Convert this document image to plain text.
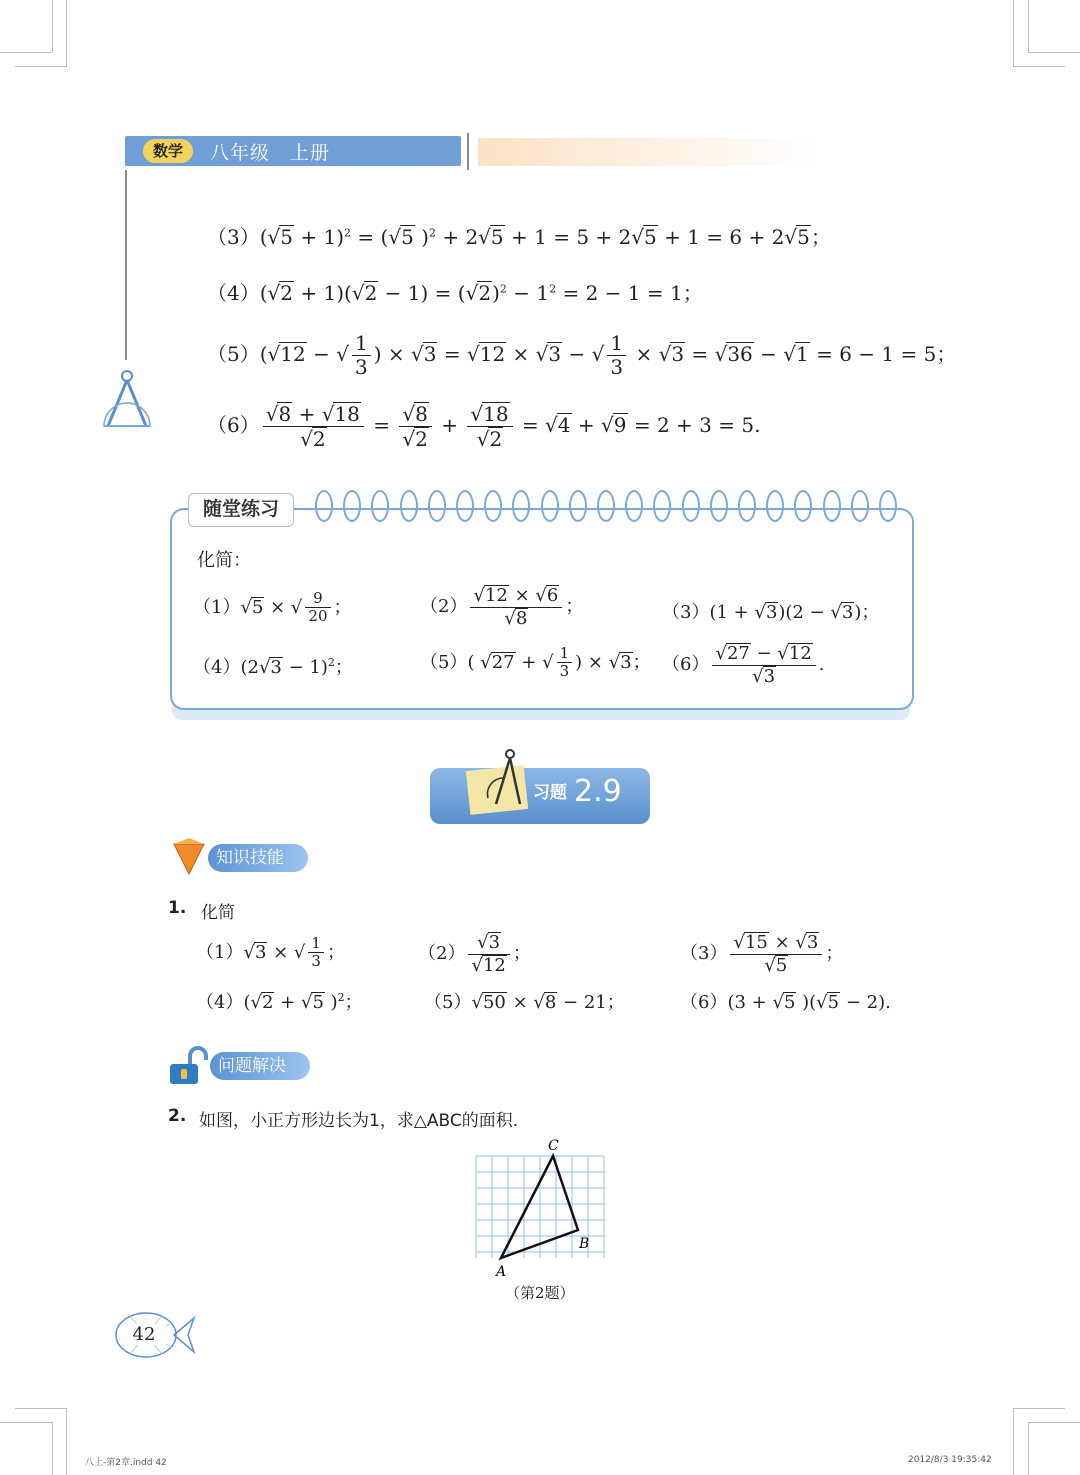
数学	八年级　上册
$(3)(√5 + 1)^2 = (√5$ )$^2$ + 2√5 + 1 = 5 + 2√5 + 1 = 6 + 2√5；
$(4)(√2 + 1)(√2 - 1) = (√2)^2 - 1^2 = 2 - 1 = 1$；
（5）(√12 − √ $\frac{1}{3}$ ) × √3 = √12 × √3 − √ $\frac{1}{3} \times √3 = √36 - √1 = 6 - 1 = 5$；
$(6) \frac{√8 + √18}{√2} = \frac{√8}{√2} + \frac{√18}{√2} = √4 + √9 = 2 + 3 = 5$.
随堂练习
化简：
（1）√5 × √ $\frac{9}{20}$ ；	$(2) \frac{√12 \times √6}{√8}$ ；	（3）(1 + √3)(2 − √3)；
$(4)(2√3 - 1)^2$；	（5）( √27 + √ $\frac{1}{3}$ ) × √3； $(6) \frac{√27 - √12}{√3}$ .
习题 2.9
知识技能
1. 化简
（1）√3 × √ $\frac{1}{3}$ ；	$(2) \frac{√3}{√12}$ ；	$(3) \frac{√15 \times √3}{√5}$ ；
（4）(√2 + √5 )$^2$；	（5）√50 × √8 − 21；	（6）(3 + √5 )(√5 − 2).
问题解决
2. 如图，小正方形边长为1，求△ABC的面积.
A
B
C
（第2题）
42
八上-第2章.indd 42	2012/8/3 19:35:42
